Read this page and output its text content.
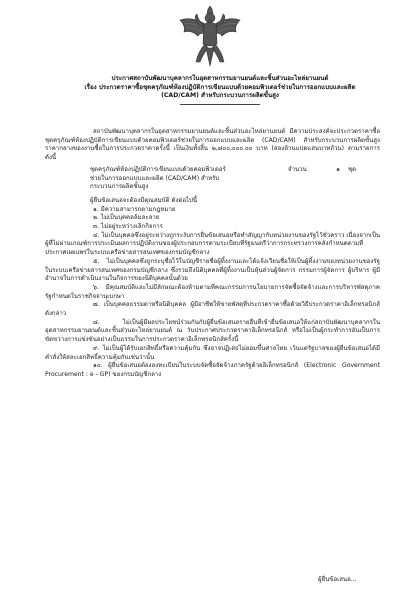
ประกาศสถาบันพัฒนาบุคลากรในอุตสาหกรรมยานยนต์และชิ้นส่วนอะไหล่ยานยนต์
เรื่อง ประกวดราคาซื้อชุดครุภัณฑ์ห้องปฏิบัติการเขียนแบบด้วยคอมพิวเตอร์ช่วยในการออกแบบและผลิต
(CAD/CAM) สำหรับกระบวนการผลิตขั้นสูง
สถาบันพัฒนาบุคลากรในอุตสาหกรรมยานยนต์และชิ้นส่วนอะไหล่ยานยนต์ มีความประสงค์จะประกวดราคาซื้อชุดครุภัณฑ์ห้องปฏิบัติการเขียนแบบด้วยคอมพิวเตอร์ช่วยในการออกแบบและผลิต (CAD/CAM) สำหรับกระบวนการผลิตขั้นสูง ราคากลางของงานซื้อในการประกวดราคาครั้งนี้ เป็นเงินทั้งสิ้น ๒,๘๐๐,๐๐๐.๐๐ บาท (สองล้านแปดแสนบาทถ้วน) ตามรายการ ดังนี้
ชุดครุภัณฑ์ห้องปฏิบัติการเขียนแบบด้วยคอมพิวเตอร์ช่วยในการออกแบบและผลิต (CAD/CAM) สำหรับกระบวนการผลิตขั้นสูง
จำนวน	๑	ชุด
ผู้ยื่นข้อเสนอจะต้องมีคุณสมบัติ ดังต่อไปนี้
๑. มีความสามารถตามกฎหมาย
๒. ไม่เป็นบุคคลล้มละลาย
๓. ไม่อยู่ระหว่างเลิกกิจการ
๔. ไม่เป็นบุคคลซึ่งอยู่ระหว่างถูกระงับการยื่นข้อเสนอหรือทำสัญญากับหน่วยงานของรัฐไว้ชั่วคราว เนื่องจากเป็นผู้ที่ไม่ผ่านเกณฑ์การประเมินผลการปฏิบัติงานของผู้ประกอบการตามระเบียบที่รัฐมนตรีว่าการกระทรวงการคลังกำหนดตามที่ประกาศเผยแพร่ในระบบเครือข่ายสารสนเทศของกรมบัญชีกลาง
๕. ไม่เป็นบุคคลซึ่งถูกระบุชื่อไว้ในบัญชีรายชื่อผู้ทิ้งงานและได้แจ้งเวียนชื่อให้เป็นผู้ทิ้งงานของหน่วยงานของรัฐในระบบเครือข่ายสารสนเทศของกรมบัญชีกลาง ซึ่งรวมถึงนิติบุคคลที่ผู้ทิ้งงานเป็นหุ้นส่วนผู้จัดการ กรรมการผู้จัดการ ผู้บริหาร ผู้มีอำนาจในการดำเนินงานในกิจการของนิติบุคคลนั้นด้วย
๖. มีคุณสมบัติและไม่มีลักษณะต้องห้ามตามที่คณะกรรมการนโยบายการจัดซื้อจัดจ้างและการบริหารพัสดุภาครัฐกำหนดในราชกิจจานุเบกษา
๗. เป็นบุคคลธรรมดาหรือนิติบุคคล ผู้มีอาชีพให้ขายพัสดุที่ประกวดราคาซื้อด้วยวิธีประกวดราคาอิเล็กทรอนิกส์ดังกล่าว
๘. ไม่เป็นผู้มีผลประโยชน์ร่วมกันกับผู้ยื่นข้อเสนอรายอื่นที่เข้ายื่นข้อเสนอให้แก่สถาบันพัฒนาบุคลากรในอุตสาหกรรมยานยนต์และชิ้นส่วนอะไหล่ยานยนต์ ณ วันประกาศประกวดราคาอิเล็กทรอนิกส์ หรือไม่เป็นผู้กระทำการอันเป็นการขัดขวางการแข่งขันอย่างเป็นธรรมในการประกวดราคาอิเล็กทรอนิกส์ครั้งนี้
๙. ไม่เป็นผู้ได้รับเอกสิทธิ์หรือความคุ้มกัน ซึ่งอาจปฏิเสธไม่ยอมขึ้นศาลไทย เว้นแต่รัฐบาลของผู้ยื่นข้อเสนอได้มีคำสั่งให้สละเอกสิทธิ์ความคุ้มกันเช่นว่านั้น
๑๐. ผู้ยื่นข้อเสนอต้องลงทะเบียนในระบบจัดซื้อจัดจ้างภาครัฐด้วยอิเล็กทรอนิกส์ (Electronic Government Procurement : e - GP) ของกรมบัญชีกลาง
ผู้ยื่นข้อเสนอ...
